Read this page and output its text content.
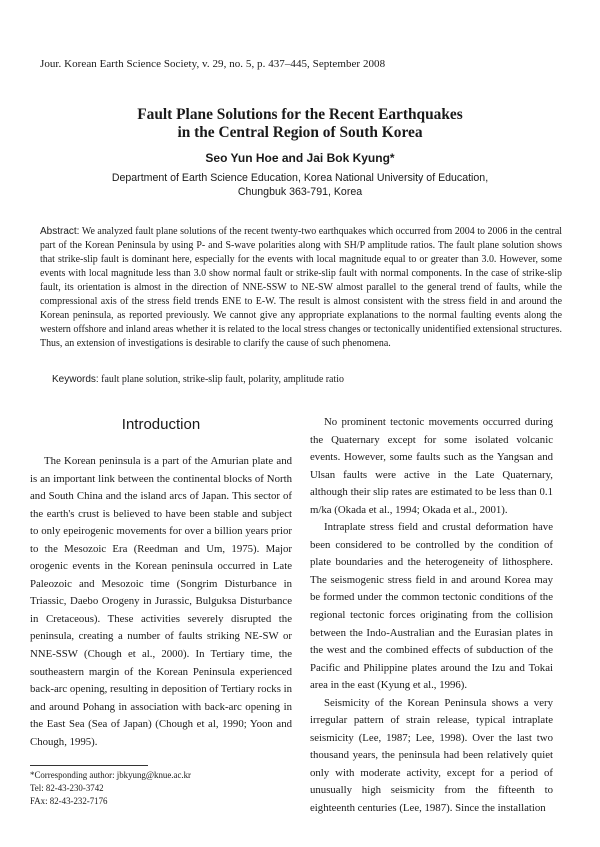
Jour. Korean Earth Science Society, v. 29, no. 5, p. 437–445, September 2008
Fault Plane Solutions for the Recent Earthquakes
in the Central Region of South Korea
Seo Yun Hoe and Jai Bok Kyung*
Department of Earth Science Education, Korea National University of Education,
Chungbuk 363-791, Korea
Abstract: We analyzed fault plane solutions of the recent twenty-two earthquakes which occurred from 2004 to 2006 in the central part of the Korean Peninsula by using P- and S-wave polarities along with SH/P amplitude ratios. The fault plane solution shows that strike-slip fault is dominant here, especially for the events with local magnitude equal to or greater than 3.0. However, some events with local magnitude less than 3.0 show normal fault or strike-slip fault with normal components. In the case of strike-slip fault, its orientation is almost in the direction of NNE-SSW to NE-SW almost parallel to the general trend of faults, while the compressional axis of the stress field trends ENE to E-W. The result is almost consistent with the stress field in and around the Korean peninsula, as reported previously. We cannot give any appropriate explanations to the normal faulting events along the western offshore and inland areas whether it is related to the local stress changes or tectonically unidentified extensional structures. Thus, an extension of investigations is desirable to clarify the cause of such phenomena.
Keywords: fault plane solution, strike-slip fault, polarity, amplitude ratio
Introduction

The Korean peninsula is a part of the Amurian plate and is an important link between the continental blocks of North and South China and the island arcs of Japan. This sector of the earth's crust is believed to have been stable and subject to only epeirogenic movements for over a billion years prior to the Mesozoic Era (Reedman and Um, 1975). Major orogenic events in the Korean peninsula occurred in Late Paleozoic and Mesozoic time (Songrim Disturbance in Triassic, Daebo Orogeny in Jurassic, Bulguksa Disturbance in Cretaceous). These activities severely disrupted the peninsula, creating a number of faults striking NE-SW or NNE-SSW (Chough et al., 2000). In Tertiary time, the southeastern margin of the Korean Peninsula experienced back-arc opening, resulting in deposition of Tertiary rocks in and around Pohang in association with back-arc opening in the East Sea (Sea of Japan) (Chough et al, 1990; Yoon and Chough, 1995).

*Corresponding author: jbkyung@knue.ac.kr
Tel: 82-43-230-3742
FAx: 82-43-232-7176

No prominent tectonic movements occurred during the Quaternary except for some isolated volcanic events. However, some faults such as the Yangsan and Ulsan faults were active in the Late Quaternary, although their slip rates are estimated to be less than 0.1 m/ka (Okada et al., 1994; Okada et al., 2001).

Intraplate stress field and crustal deformation have been considered to be controlled by the condition of plate boundaries and the heterogeneity of lithosphere. The seismogenic stress field in and around Korea may be formed under the common tectonic conditions of the regional tectonic forces originating from the collision between the Indo-Australian and the Eurasian plates in the west and the combined effects of subduction of the Pacific and Philippine plates around the Izu and Tokai area in the east (Kyung et al., 1996).

Seismicity of the Korean Peninsula shows a very irregular pattern of strain release, typical intraplate seismicity (Lee, 1987; Lee, 1998). Over the last two thousand years, the peninsula had been relatively quiet only with moderate activity, except for a period of unusually high seismicity from the fifteenth to eighteenth centuries (Lee, 1987). Since the installation
